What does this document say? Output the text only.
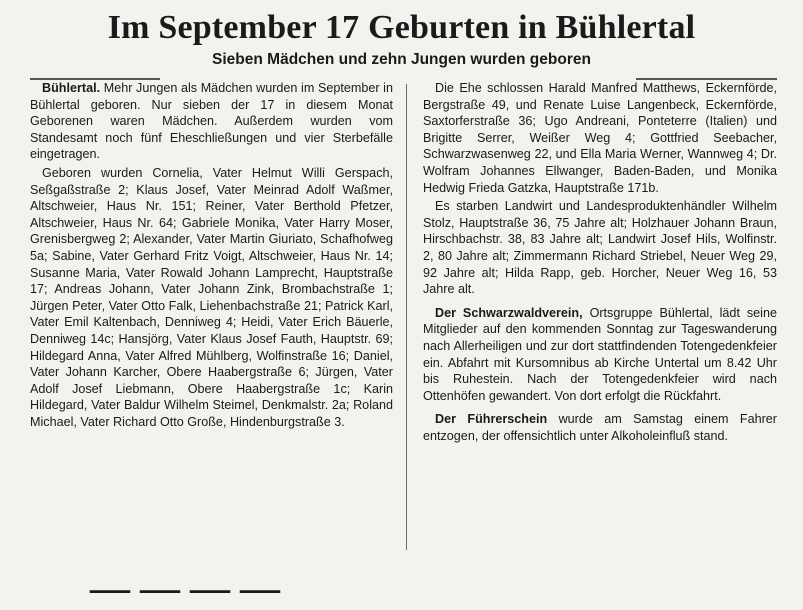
Im September 17 Geburten in Bühlertal
Sieben Mädchen und zehn Jungen wurden geboren

Bühlertal. Mehr Jungen als Mädchen wurden im September in Bühlertal geboren. Nur sieben der 17 in diesem Monat Geborenen waren Mädchen. Außerdem wurden vom Standesamt noch fünf Eheschließungen und vier Sterbefälle eingetragen.

Geboren wurden Cornelia, Vater Helmut Willi Gerspach, Seßgaßstraße 2; Klaus Josef, Vater Meinrad Adolf Waßmer, Altschweier, Haus Nr. 151; Reiner, Vater Berthold Pfetzer, Altschweier, Haus Nr. 64; Gabriele Monika, Vater Harry Moser, Grenisbergweg 2; Alexander, Vater Martin Giuriato, Schafhofweg 5a; Sabine, Vater Gerhard Fritz Voigt, Altschweier, Haus Nr. 14; Susanne Maria, Vater Rowald Johann Lamprecht, Hauptstraße 17; Andreas Johann, Vater Johann Zink, Brombachstraße 1; Jürgen Peter, Vater Otto Falk, Liehenbachstraße 21; Patrick Karl, Vater Emil Kaltenbach, Denniweg 4; Heidi, Vater Erich Bäuerle, Denniweg 14c; Hansjörg, Vater Klaus Josef Fauth, Hauptstr. 69; Hildegard Anna, Vater Alfred Mühlberg, Wolfinstraße 16; Daniel, Vater Johann Karcher, Obere Haabergstraße 6; Jürgen, Vater Adolf Josef Liebmann, Obere Haabergstraße 1c; Karin Hildegard, Vater Baldur Wilhelm Steimel, Denkmalstr. 2a; Roland Michael, Vater Richard Otto Große, Hindenburgstraße 3.

Die Ehe schlossen Harald Manfred Matthews, Eckernförde, Bergstraße 49, und Renate Luise Langenbeck, Eckernförde, Saxtorferstraße 36; Ugo Andreani, Ponteterre (Italien) und Brigitte Serrer, Weißer Weg 4; Gottfried Seebacher, Schwarzwasenweg 22, und Ella Maria Werner, Wannweg 4; Dr. Wolfram Johannes Ellwanger, Baden-Baden, und Monika Hedwig Frieda Gatzka, Hauptstraße 171b.

Es starben Landwirt und Landesproduktenhändler Wilhelm Stolz, Hauptstraße 36, 75 Jahre alt; Holzhauer Johann Braun, Hirschbachstr. 38, 83 Jahre alt; Landwirt Josef Hils, Wolfinstr. 2, 80 Jahre alt; Zimmermann Richard Striebel, Neuer Weg 29, 92 Jahre alt; Hilda Rapp, geb. Horcher, Neuer Weg 16, 53 Jahre alt.

Der Schwarzwaldverein, Ortsgruppe Bühlertal, lädt seine Mitglieder auf den kommenden Sonntag zur Tageswanderung nach Allerheiligen und zur dort stattfindenden Totengedenkfeier ein. Abfahrt mit Kursomnibus ab Kirche Untertal um 8.42 Uhr bis Ruhestein. Nach der Totengedenkfeier wird nach Ottenhöfen gewandert. Von dort erfolgt die Rückfahrt.

Der Führerschein wurde am Samstag einem Fahrer entzogen, der offensichtlich unter Alkoholeinfluß stand.

— — — —
